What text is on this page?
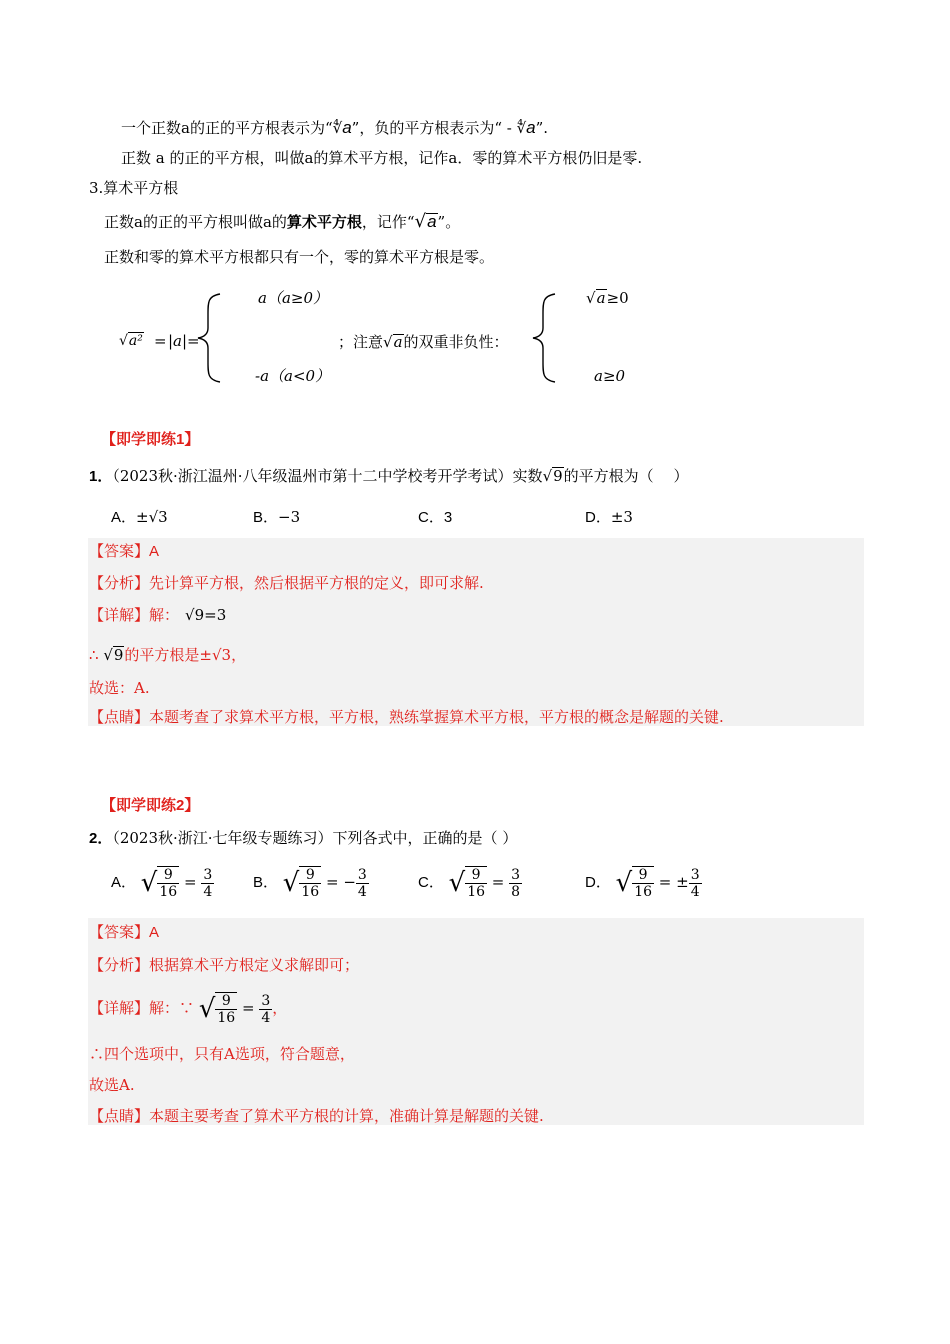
一个正数a的正的平方根表示为“∜a”，负的平方根表示为“ - ∜a”.
正数 a 的正的平方根，叫做a的算术平方根，记作a．零的算术平方根仍旧是零.
3.算术平方根
正数a的正的平方根叫做a的算术平方根，记作“√a”。
正数和零的算术平方根都只有一个，零的算术平方根是零。
√a² = |a| =
a（a≥0）
-a（a<0）
；注意√a的双重非负性：
√a≥0
a≥0
【即学即练1】
1．（2023秋·浙江温州·八年级温州市第十二中学校考开学考试）实数√9的平方根为（　 ）
A．±√3	B．−3	C．3	D．±3
【答案】A
【分析】先计算平方根，然后根据平方根的定义，即可求解.
【详解】解： √9=3
∴ √9的平方根是±√3，
故选：A.
【点睛】本题考查了求算术平方根，平方根，熟练掌握算术平方根，平方根的概念是解题的关键.
【即学即练2】
2．（2023秋·浙江·七年级专题练习）下列各式中，正确的是（ ）
A． √ $\frac{9}{16} = \frac{3}{4}$	B． √ $\frac{9}{16}$ = − $\frac{3}{4}$	C． √ $\frac{9}{16} = \frac{3}{8}$	D． √ $\frac{9}{16}$ = ± $\frac{3}{4}$
【答案】A
【分析】根据算术平方根定义求解即可；
【详解】解：∵ √ $\frac{9}{16} = \frac{3}{4}$ ，
∴四个选项中，只有A选项，符合题意，
故选A.
【点睛】本题主要考查了算术平方根的计算，准确计算是解题的关键.
